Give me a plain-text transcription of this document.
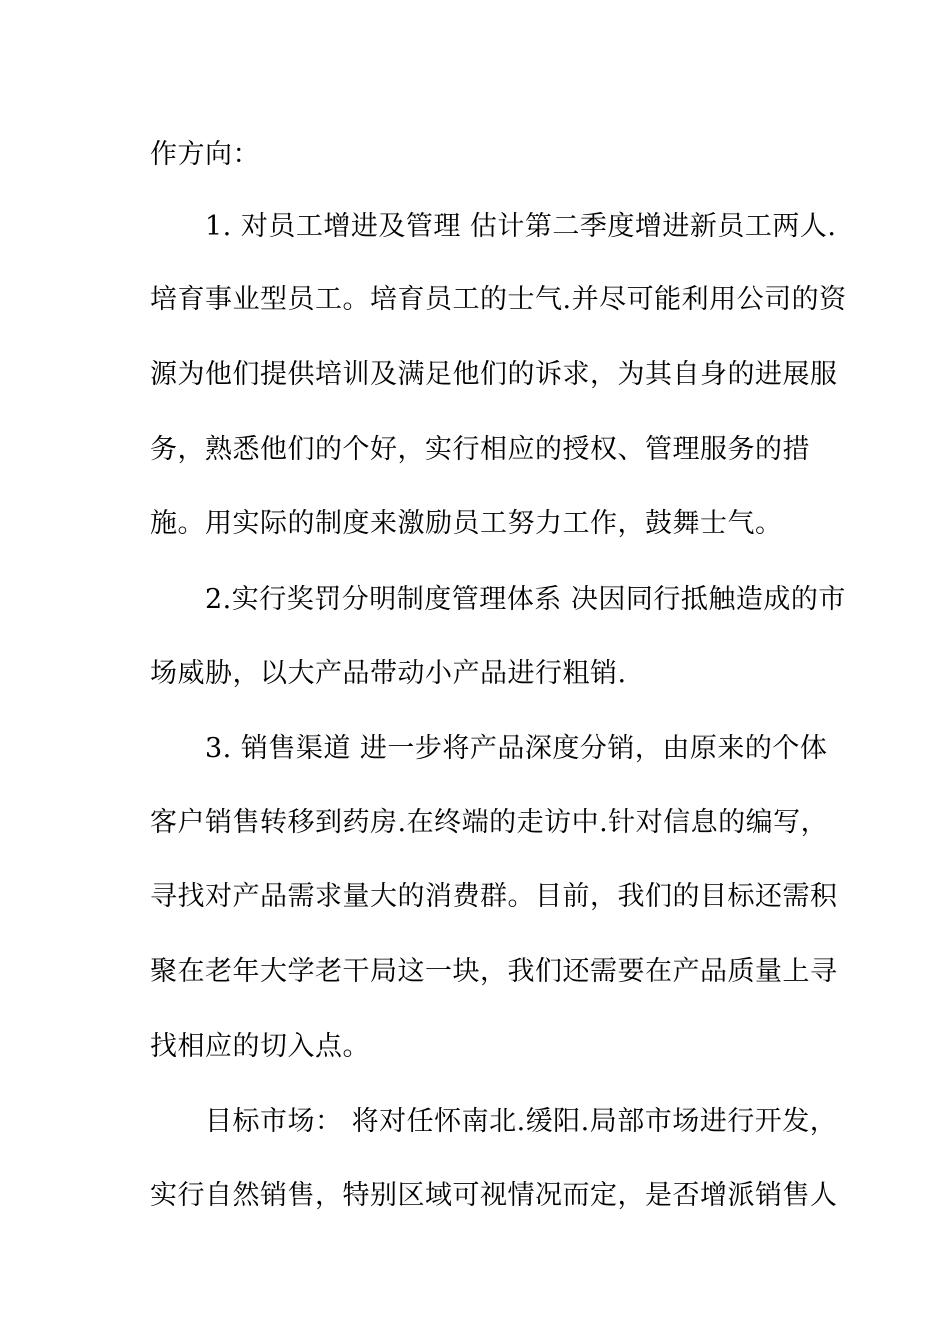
作方向：
1. 对员工增进及管理 估计第二季度增进新员工两人.
培育事业型员工。培育员工的士气.并尽可能利用公司的资
源为他们提供培训及满足他们的诉求，为其自身的进展服
务，熟悉他们的个好，实行相应的授权、管理服务的措
施。用实际的制度来激励员工努力工作，鼓舞士气。
2.实行奖罚分明制度管理体系 决因同行抵触造成的市
场威胁，以大产品带动小产品进行粗销.
3. 销售渠道 进一步将产品深度分销，由原来的个体
客户销售转移到药房.在终端的走访中.针对信息的编写，
寻找对产品需求量大的消费群。目前，我们的目标还需积
聚在老年大学老干局这一块，我们还需要在产品质量上寻
找相应的切入点。
目标市场： 将对任怀南北.缓阳.局部市场进行开发，
实行自然销售，特别区域可视情况而定，是否增派销售人
